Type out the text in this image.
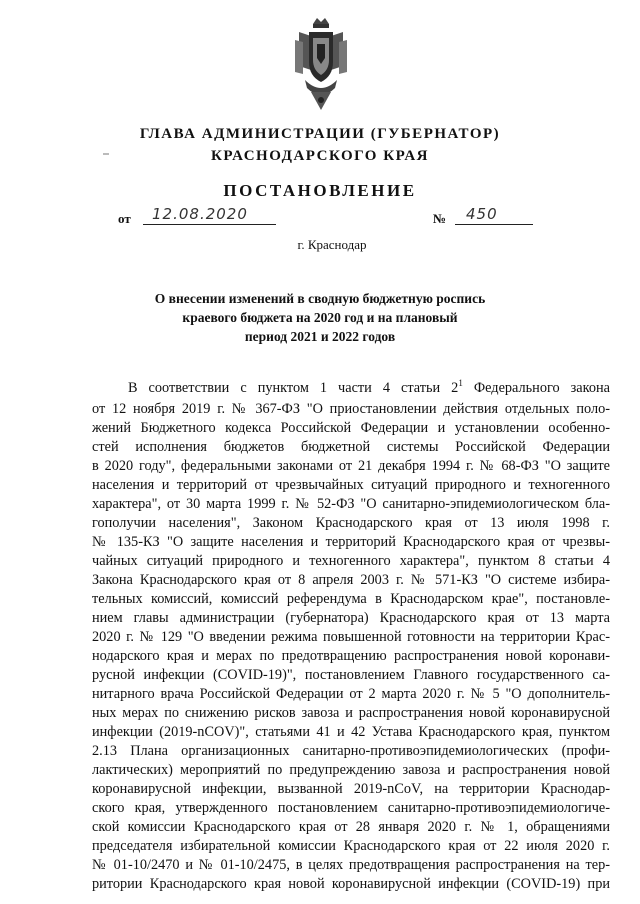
ГЛАВА АДМИНИСТРАЦИИ (ГУБЕРНАТОР)
КРАСНОДАРСКОГО КРАЯ
ПОСТАНОВЛЕНИЕ
от 12.08.2020	№ 450
г. Краснодар
О внесении изменений в сводную бюджетную роспись
краевого бюджета на 2020 год и на плановый
период 2021 и 2022 годов
В соответствии с пунктом 1 части 4 статьи $2^1$ Федерального закона
от 12 ноября 2019 г. № 367-ФЗ "О приостановлении действия отдельных поло-
жений Бюджетного кодекса Российской Федерации и установлении особенно-
стей исполнения бюджетов бюджетной системы Российской Федерации
в 2020 году", федеральными законами от 21 декабря 1994 г. № 68-ФЗ "О защите
населения и территорий от чрезвычайных ситуаций природного и техногенного
характера", от 30 марта 1999 г. № 52-ФЗ "О санитарно-эпидемиологическом бла-
гополучии населения", Законом Краснодарского края от 13 июля 1998 г.
№ 135-КЗ "О защите населения и территорий Краснодарского края от чрезвы-
чайных ситуаций природного и техногенного характера", пунктом 8 статьи 4
Закона Краснодарского края от 8 апреля 2003 г. № 571-КЗ "О системе избира-
тельных комиссий, комиссий референдума в Краснодарском крае", постановле-
нием главы администрации (губернатора) Краснодарского края от 13 марта
2020 г. № 129 "О введении режима повышенной готовности на территории Крас-
нодарского края и мерах по предотвращению распространения новой коронави-
русной инфекции (COVID-19)", постановлением Главного государственного са-
нитарного врача Российской Федерации от 2 марта 2020 г. № 5 "О дополнитель-
ных мерах по снижению рисков завоза и распространения новой коронавирусной
инфекции (2019-nCOV)", статьями 41 и 42 Устава Краснодарского края, пунктом
2.13 Плана организационных санитарно-противоэпидемиологических (профи-
лактических) мероприятий по предупреждению завоза и распространения новой
коронавирусной инфекции, вызванной 2019-nCoV, на территории Краснодар-
ского края, утвержденного постановлением санитарно-противоэпидемиологиче-
ской комиссии Краснодарского края от 28 января 2020 г. № 1, обращениями
председателя избирательной комиссии Краснодарского края от 22 июля 2020 г.
№ 01-10/2470 и № 01-10/2475, в целях предотвращения распространения на тер-
ритории Краснодарского края новой коронавирусной инфекции (COVID-19) при
